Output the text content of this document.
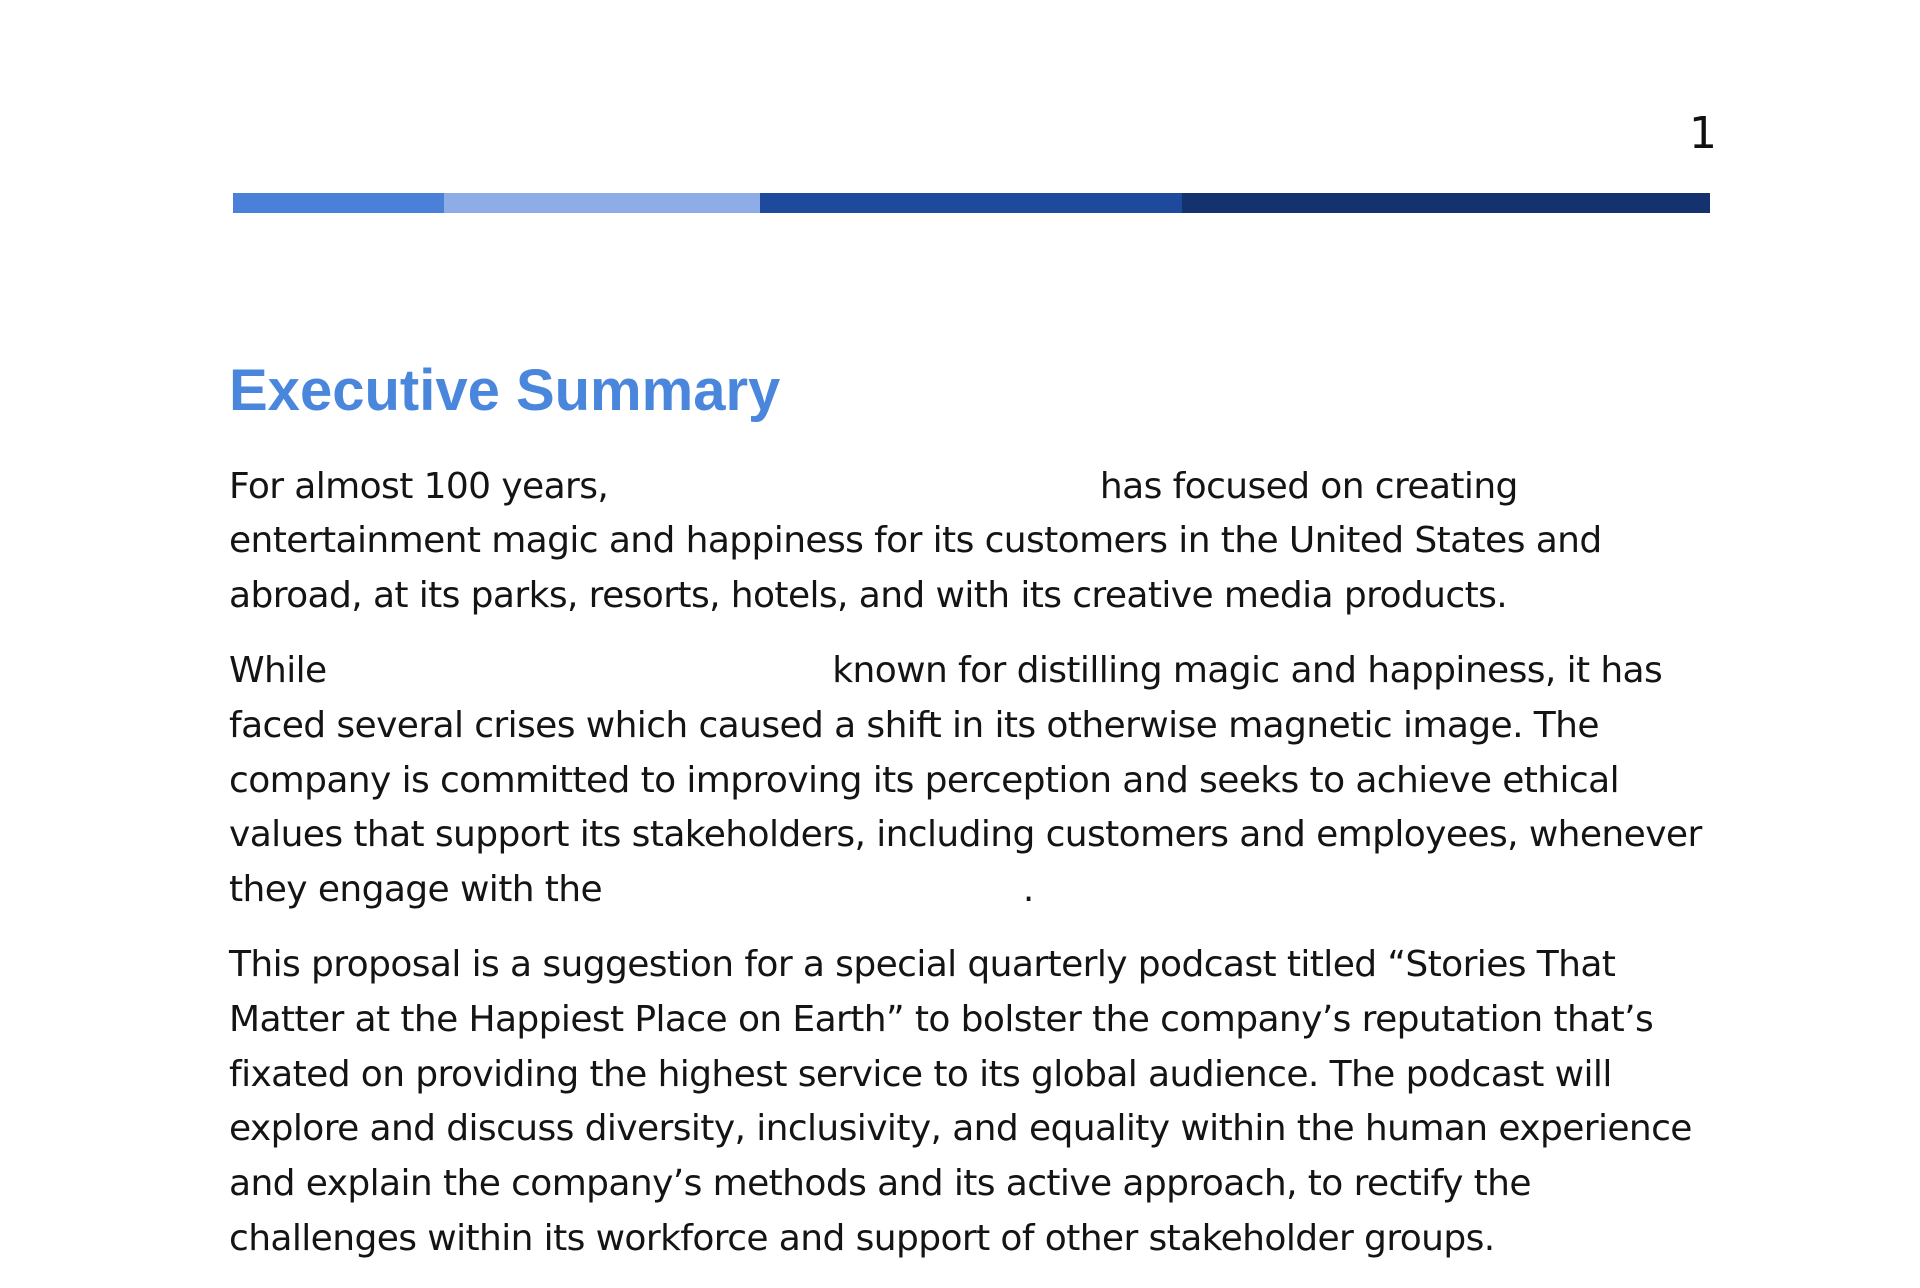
1
Executive Summary

For almost 100 years,	has focused on creating entertainment magic and happiness for its customers in the United States and abroad, at its parks, resorts, hotels, and with its creative media products.

While	known for distilling magic and happiness, it has faced several crises which caused a shift in its otherwise magnetic image. The company is committed to improving its perception and seeks to achieve ethical values that support its stakeholders, including customers and employees, whenever they engage with the	.

This proposal is a suggestion for a special quarterly podcast titled “Stories That Matter at the Happiest Place on Earth” to bolster the company’s reputation that’s fixated on providing the highest service to its global audience. The podcast will explore and discuss diversity, inclusivity, and equality within the human experience and explain the company’s methods and its active approach, to rectify the challenges within its workforce and support of other stakeholder groups.
